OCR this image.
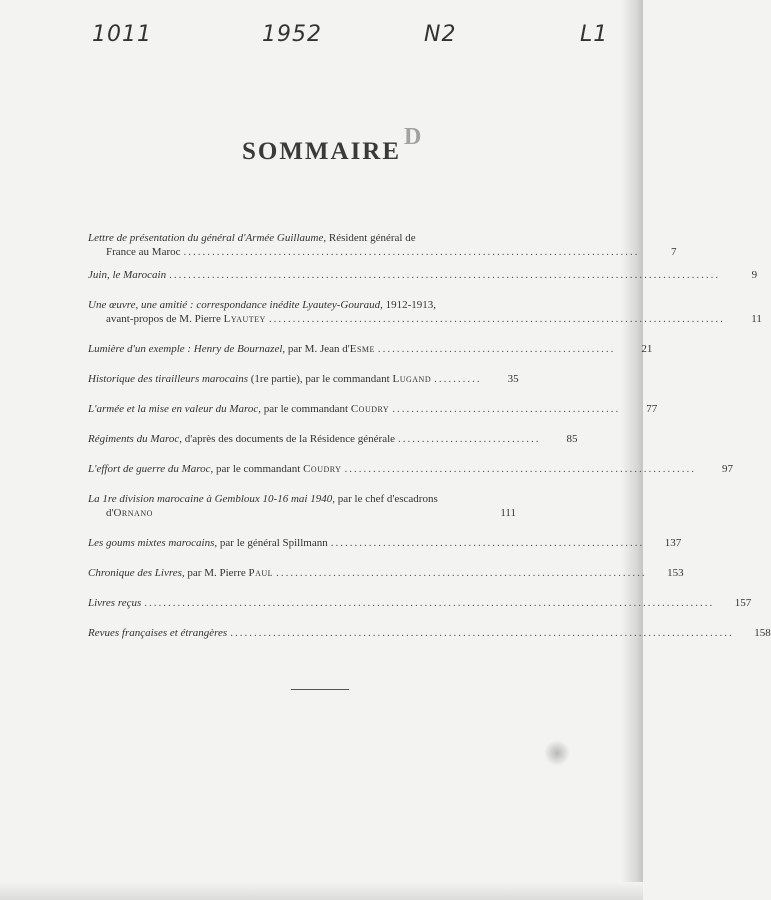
1011	1952	N2	L1
SOMMAIRE
D
Lettre de présentation du général d'Armée Guillaume, Résident général de
France au Maroc ................................................................................................	7
Juin, le Marocain ....................................................................................................................	9
Une œuvre, une amitié : correspondance inédite Lyautey-Gouraud, 1912-1913,
avant-propos de M. Pierre Lyautey ................................................................................................	11
Lumière d'un exemple : Henry de Bournazel, par M. Jean d'Esme ..................................................	21
Historique des tirailleurs marocains (1re partie), par le commandant Lugand ..........	35
L'armée et la mise en valeur du Maroc, par le commandant Coudry ................................................	77
Régiments du Maroc, d'après des documents de la Résidence générale ..............................	85
L'effort de guerre du Maroc, par le commandant Coudry ..........................................................................	97
La 1re division marocaine à Gembloux 10-16 mai 1940, par le chef d'escadrons
d'Ornano	111
Les goums mixtes marocains, par le général Spillmann ..................................................................	137
Chronique des Livres, par M. Pierre Paul ..............................................................................	153
Livres reçus ........................................................................................................................	157
Revues françaises et étrangères ..........................................................................................................	158
